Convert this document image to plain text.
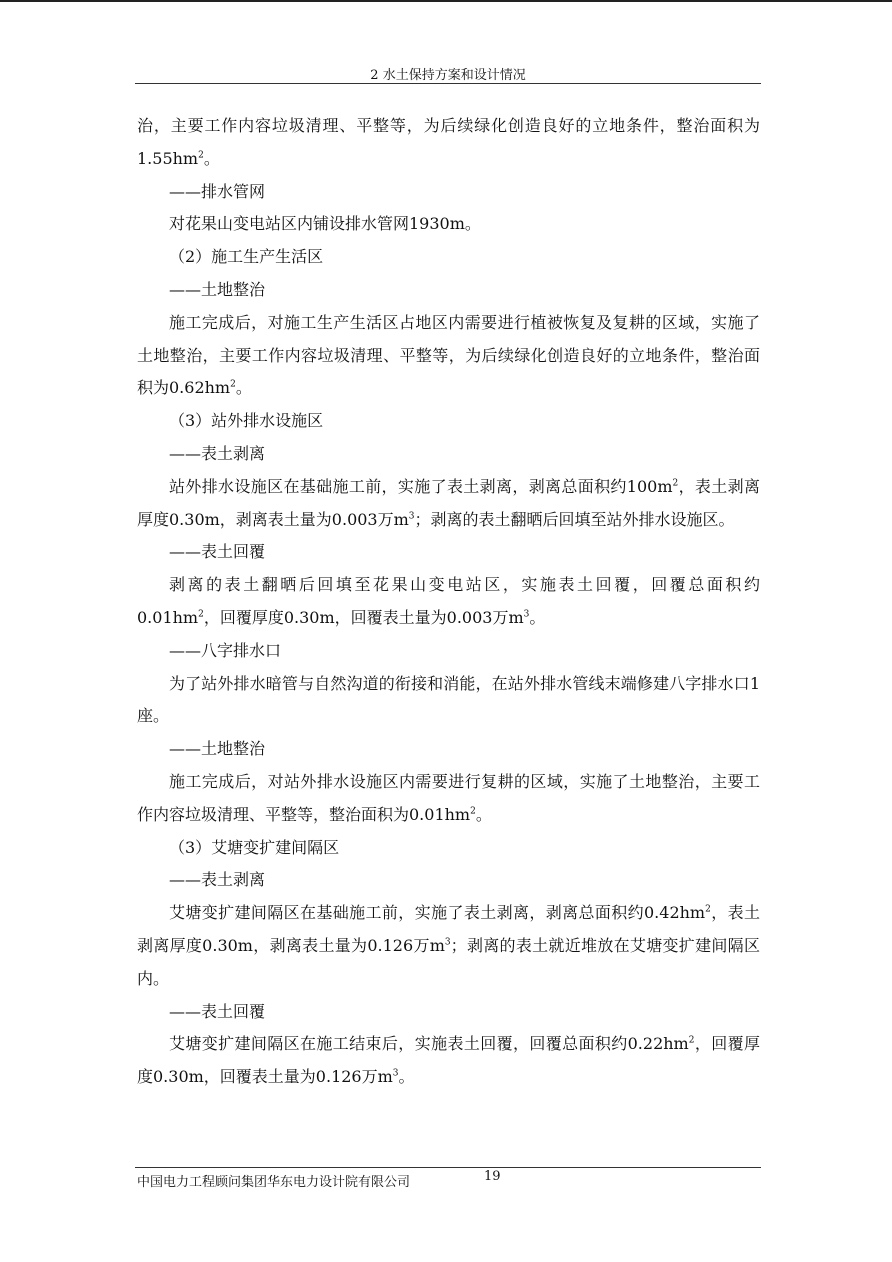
2 水土保持方案和设计情况

治，主要工作内容垃圾清理、平整等，为后续绿化创造良好的立地条件，整治面积为$1.55hm^2$。

——排水管网

对花果山变电站区内铺设排水管网1930m。

（2）施工生产生活区

——土地整治

施工完成后，对施工生产生活区占地区内需要进行植被恢复及复耕的区域，实施了土地整治，主要工作内容垃圾清理、平整等，为后续绿化创造良好的立地条件，整治面积为$0.62hm^2$。

（3）站外排水设施区

——表土剥离

站外排水设施区在基础施工前，实施了表土剥离，剥离总面积约$100m^2$，表土剥离厚度0.30m，剥离表土量为0.003万$m^3$；剥离的表土翻晒后回填至站外排水设施区。

——表土回覆

剥离的表土翻晒后回填至花果山变电站区，实施表土回覆，回覆总面积约$0.01hm^2$，回覆厚度0.30m，回覆表土量为0.003万$m^3$。

——八字排水口

为了站外排水暗管与自然沟道的衔接和消能，在站外排水管线末端修建八字排水口1座。

——土地整治

施工完成后，对站外排水设施区内需要进行复耕的区域，实施了土地整治，主要工作内容垃圾清理、平整等，整治面积为$0.01hm^2$。

（3）艾塘变扩建间隔区

——表土剥离

艾塘变扩建间隔区在基础施工前，实施了表土剥离，剥离总面积约$0.42hm^2$，表土剥离厚度0.30m，剥离表土量为0.126万$m^3$；剥离的表土就近堆放在艾塘变扩建间隔区内。

——表土回覆

艾塘变扩建间隔区在施工结束后，实施表土回覆，回覆总面积约$0.22hm^2$，回覆厚度0.30m，回覆表土量为0.126万$m^3$。

中国电力工程顾问集团华东电力设计院有限公司	19
